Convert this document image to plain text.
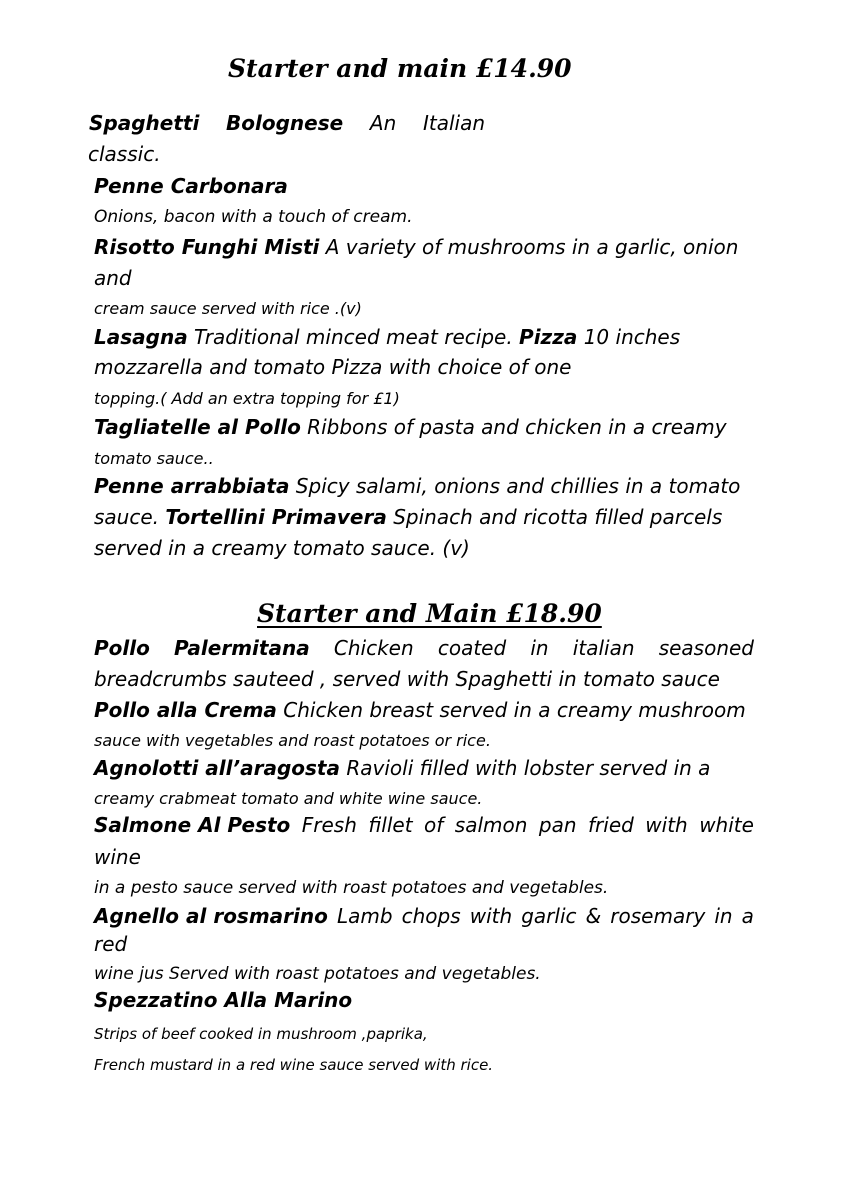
Starter and main £14.90
Spaghetti Bolognese An Italian
classic.
Penne Carbonara
Onions, bacon with a touch of cream.
Risotto Funghi Misti A variety of mushrooms in a garlic, onion
and
cream sauce served with rice .(v)
Lasagna Traditional minced meat recipe. Pizza 10 inches
mozzarella and tomato Pizza with choice of one
topping.( Add an extra topping for £1)
Tagliatelle al Pollo Ribbons of pasta and chicken in a creamy
tomato sauce..
Penne arrabbiata Spicy salami, onions and chillies in a tomato
sauce. Tortellini Primavera Spinach and ricotta filled parcels
served in a creamy tomato sauce. (v)
Starter and Main £18.90
Pollo Palermitana Chicken coated in italian seasoned
breadcrumbs sauteed , served with Spaghetti in tomato sauce
Pollo alla Crema Chicken breast served in a creamy mushroom
sauce with vegetables and roast potatoes or rice.
Agnolotti all’aragosta Ravioli filled with lobster served in a
creamy crabmeat tomato and white wine sauce.
Salmone Al Pesto Fresh fillet of salmon pan fried with white
wine
in a pesto sauce served with roast potatoes and vegetables.
Agnello al rosmarino Lamb chops with garlic & rosemary in a
red
wine jus Served with roast potatoes and vegetables.
Spezzatino Alla Marino
Strips of beef cooked in mushroom ,paprika,
French mustard in a red wine sauce served with rice.
